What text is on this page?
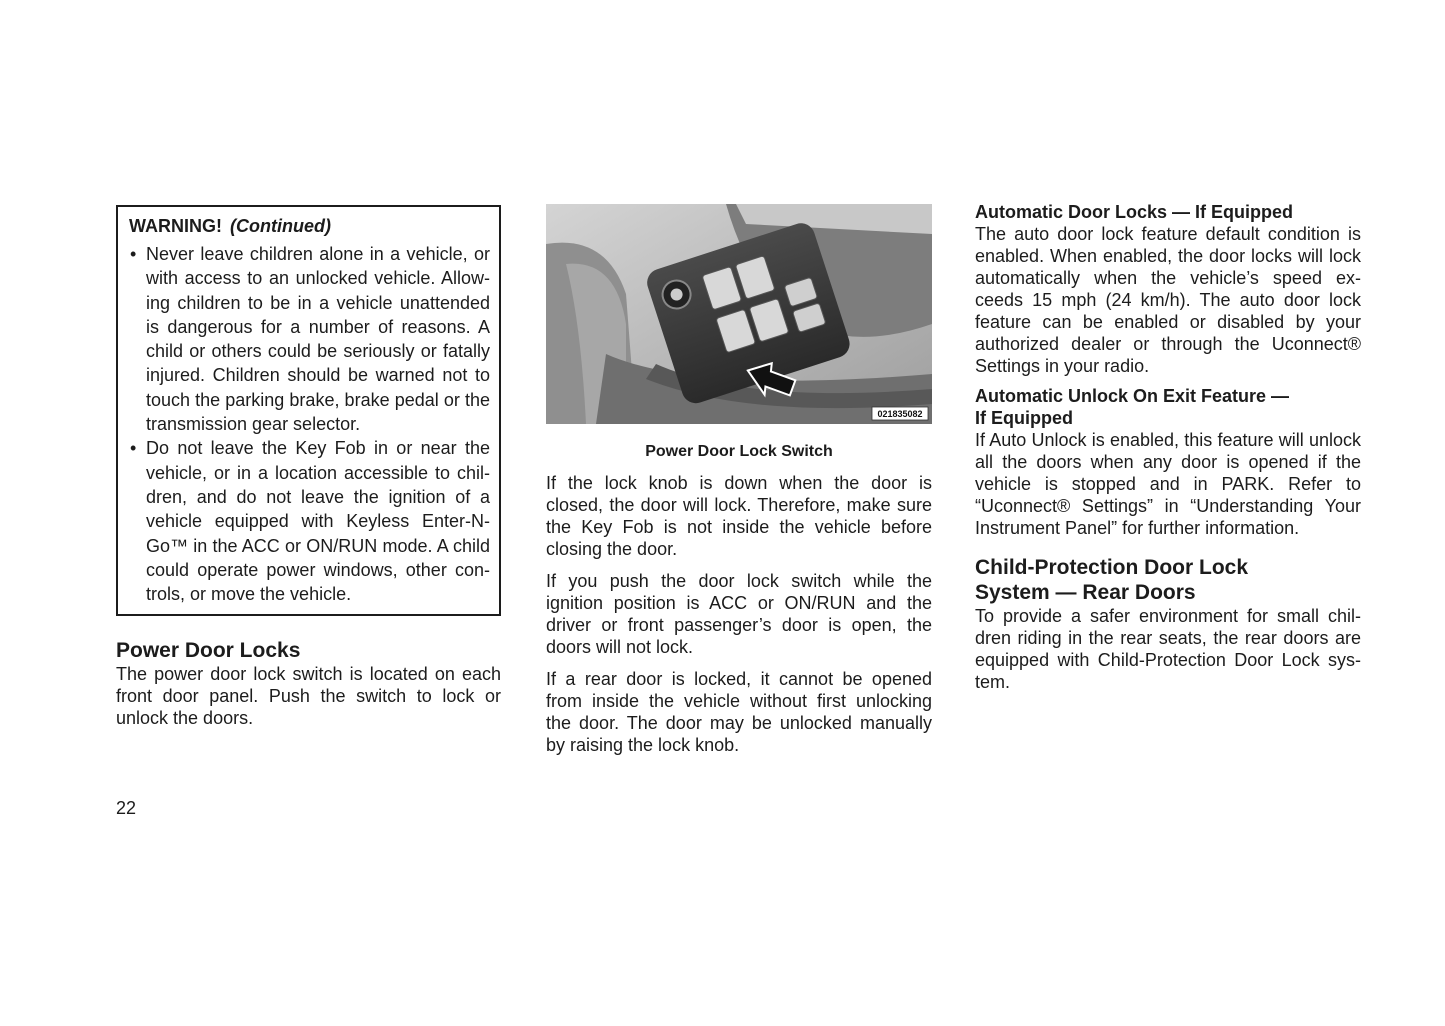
WARNING! (Continued)
• Never leave children alone in a vehicle, or with access to an unlocked vehicle. Allow-ing children to be in a vehicle unattended is dangerous for a number of reasons. A child or others could be seriously or fatally injured. Children should be warned not to touch the parking brake, brake pedal or the transmission gear selector.

• Do not leave the Key Fob in or near the vehicle, or in a location accessible to chil-dren, and do not leave the ignition of a vehicle equipped with Keyless Enter-N-Go™ in the ACC or ON/RUN mode. A child could operate power windows, other con-trols, or move the vehicle.

Power Door Locks

The power door lock switch is located on each front door panel. Push the switch to lock or unlock the doors.

021835082
Power Door Lock Switch

If the lock knob is down when the door is closed, the door will lock. Therefore, make sure the Key Fob is not inside the vehicle before closing the door.

If you push the door lock switch while the ignition position is ACC or ON/RUN and the driver or front passenger’s door is open, the doors will not lock.

If a rear door is locked, it cannot be opened from inside the vehicle without first unlocking the door. The door may be unlocked manually by raising the lock knob.

Automatic Door Locks — If Equipped

The auto door lock feature default condition is enabled. When enabled, the door locks will lock automatically when the vehicle’s speed ex-ceeds 15 mph (24 km/h). The auto door lock feature can be enabled or disabled by your authorized dealer or through the Uconnect® Settings in your radio.

Automatic Unlock On Exit Feature —
If Equipped

If Auto Unlock is enabled, this feature will unlock all the doors when any door is opened if the vehicle is stopped and in PARK. Refer to “Uconnect® Settings” in “Understanding Your Instrument Panel” for further information.

Child-Protection Door Lock
System — Rear Doors

To provide a safer environment for small chil-dren riding in the rear seats, the rear doors are equipped with Child-Protection Door Lock sys-tem.

22
